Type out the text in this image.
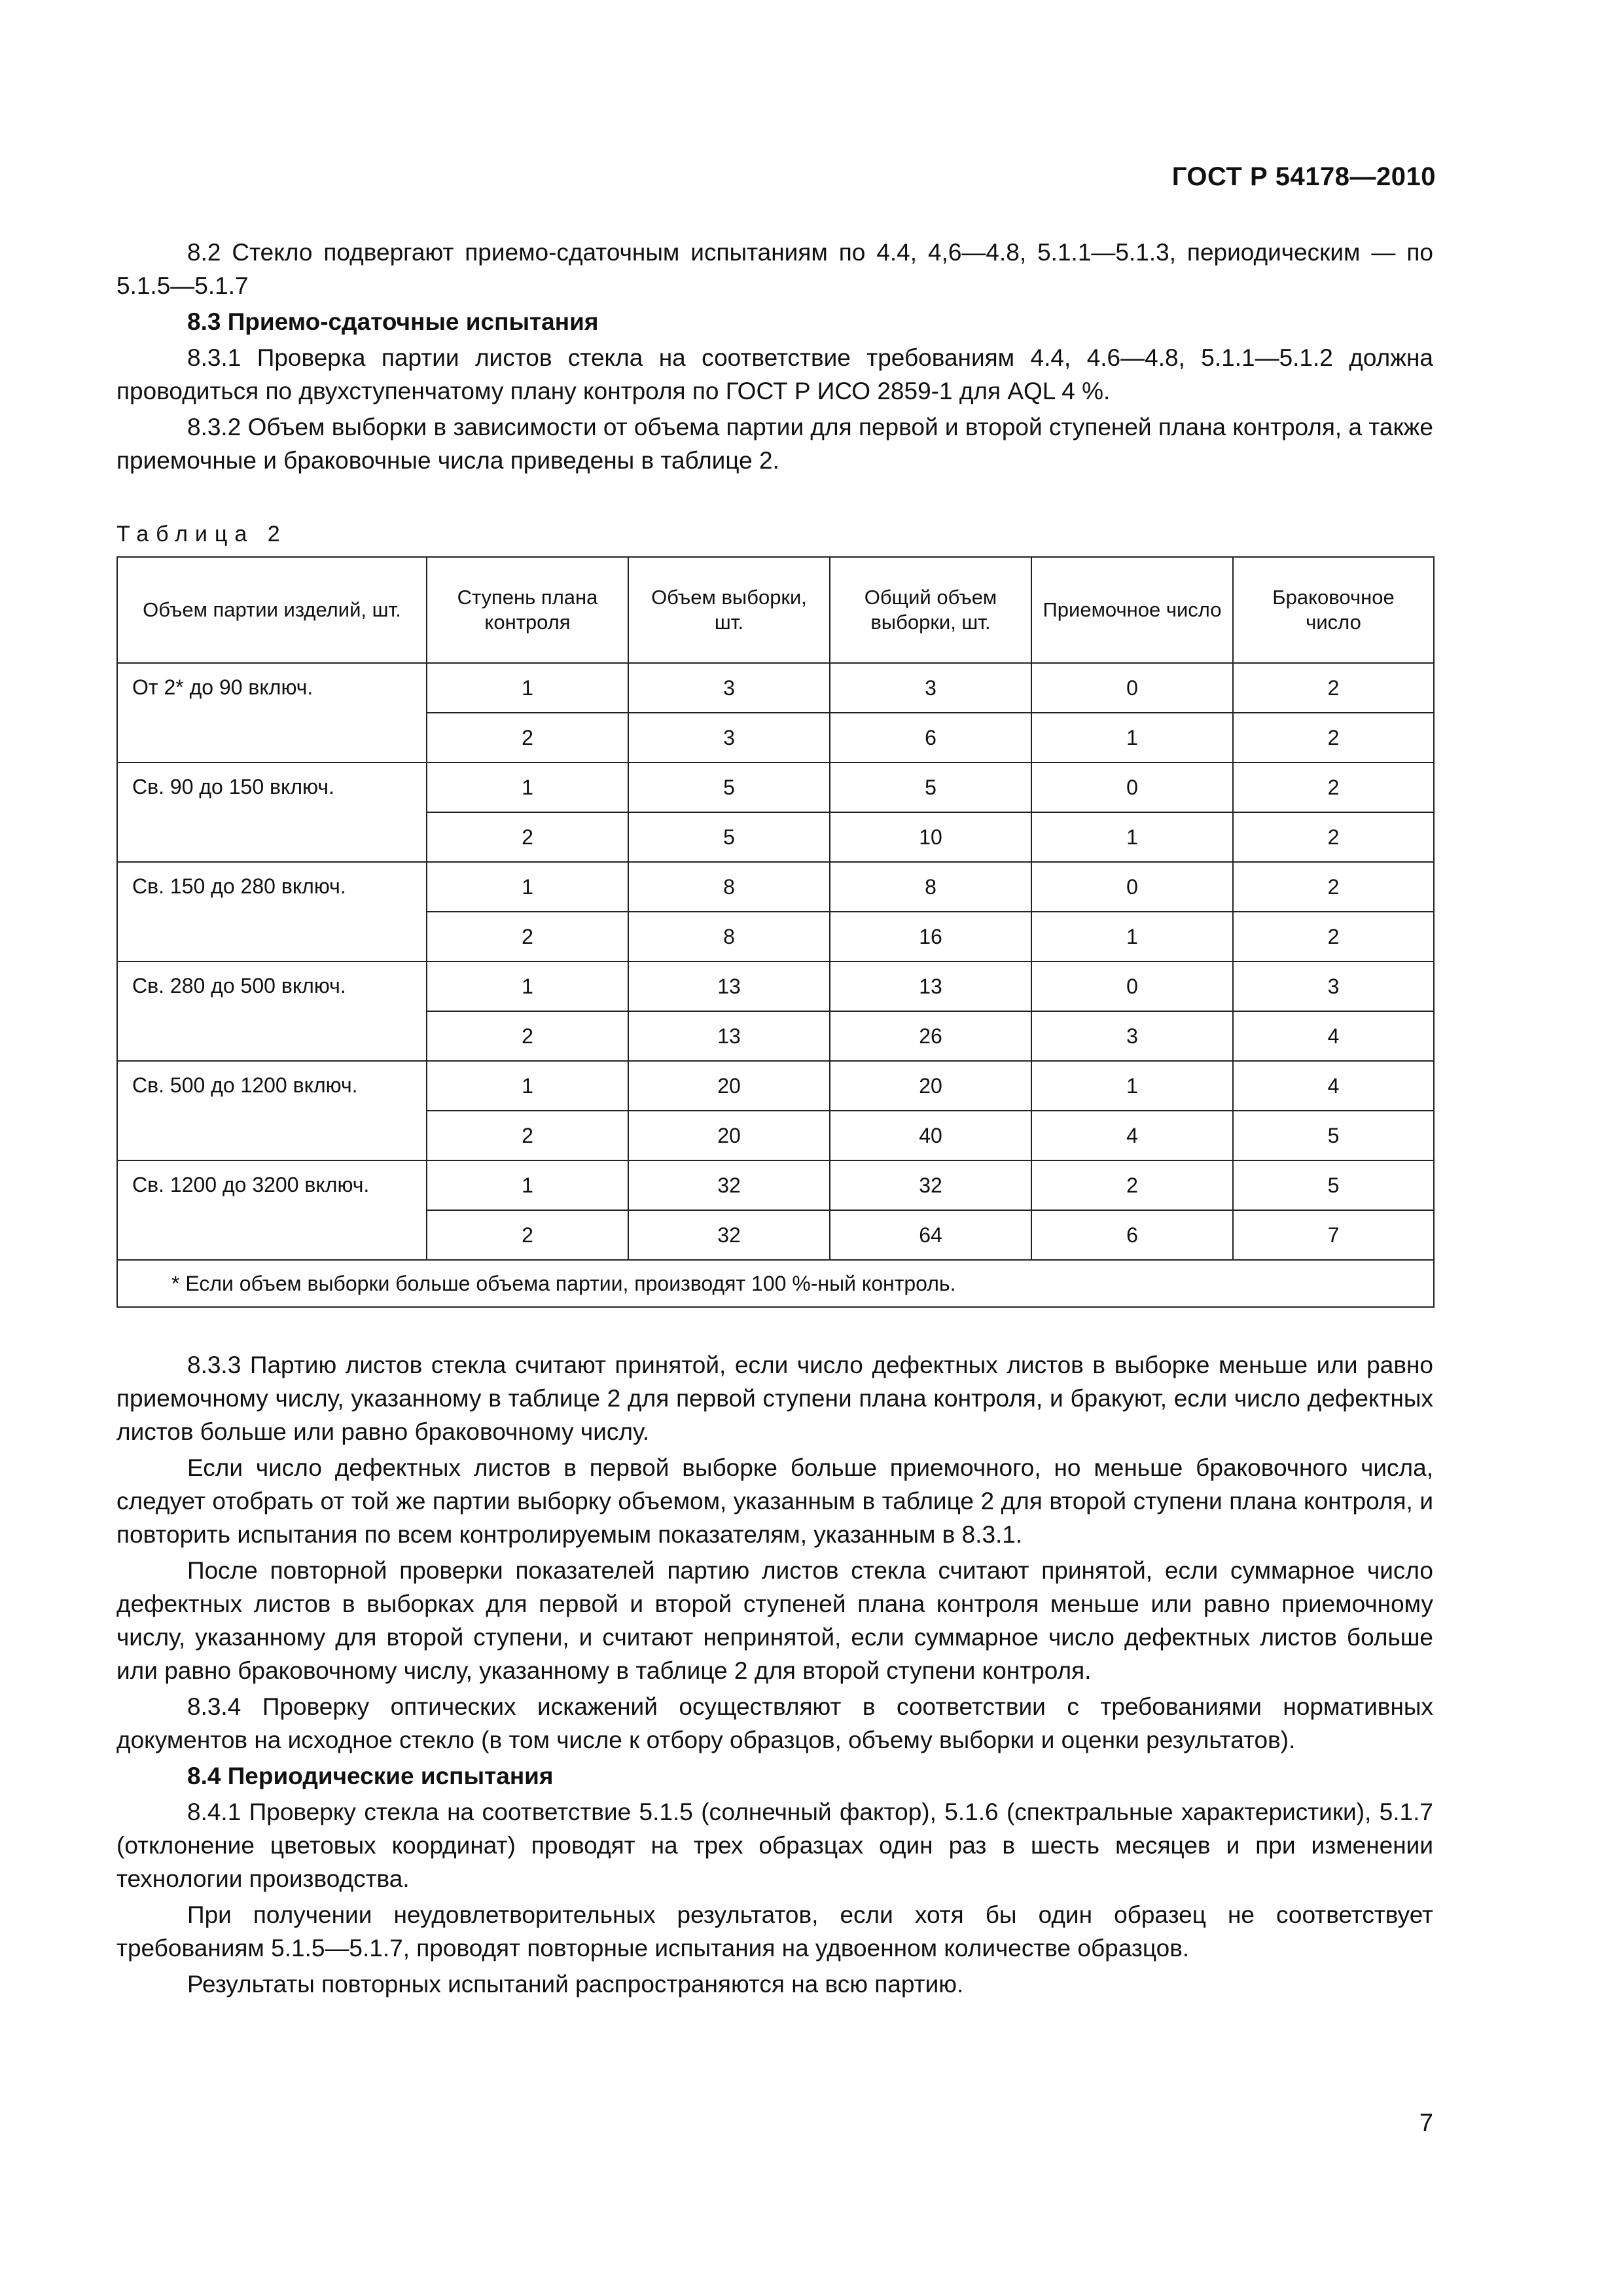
ГОСТ Р 54178—2010

8.2 Стекло подвергают приемо-сдаточным испытаниям по 4.4, 4,6—4.8, 5.1.1—5.1.3, периодическим — по 5.1.5—5.1.7

8.3 Приемо-сдаточные испытания

8.3.1 Проверка партии листов стекла на соответствие требованиям 4.4, 4.6—4.8, 5.1.1—5.1.2 должна проводиться по двухступенчатому плану контроля по ГОСТ Р ИСО 2859-1 для AQL 4 %.

8.3.2 Объем выборки в зависимости от объема партии для первой и второй ступеней плана контроля, а также приемочные и браковочные числа приведены в таблице 2.

Таблица 2
Объем партии изделий, шт.	Ступень плана контроля	Объем выборки, шт.	Общий объем выборки, шт.	Приемочное число	Браковочное число
От 2* до 90 включ.	1	3	3	0	2
	2	3	6	1	2
Св. 90 до 150 включ.	1	5	5	0	2
	2	5	10	1	2
Св. 150 до 280 включ.	1	8	8	0	2
	2	8	16	1	2
Св. 280 до 500 включ.	1	13	13	0	3
	2	13	26	3	4
Св. 500 до 1200 включ.	1	20	20	1	4
	2	20	40	4	5
Св. 1200 до 3200 включ.	1	32	32	2	5
	2	32	64	6	7
* Если объем выборки больше объема партии, производят 100 %-ный контроль.					

8.3.3 Партию листов стекла считают принятой, если число дефектных листов в выборке меньше или равно приемочному числу, указанному в таблице 2 для первой ступени плана контроля, и бракуют, если число дефектных листов больше или равно браковочному числу.

Если число дефектных листов в первой выборке больше приемочного, но меньше браковочного числа, следует отобрать от той же партии выборку объемом, указанным в таблице 2 для второй ступени плана контроля, и повторить испытания по всем контролируемым показателям, указанным в 8.3.1.

После повторной проверки показателей партию листов стекла считают принятой, если суммарное число дефектных листов в выборках для первой и второй ступеней плана контроля меньше или равно приемочному числу, указанному для второй ступени, и считают непринятой, если суммарное число дефектных листов больше или равно браковочному числу, указанному в таблице 2 для второй ступени контроля.

8.3.4 Проверку оптических искажений осуществляют в соответствии с требованиями нормативных документов на исходное стекло (в том числе к отбору образцов, объему выборки и оценки результатов).

8.4 Периодические испытания

8.4.1 Проверку стекла на соответствие 5.1.5 (солнечный фактор), 5.1.6 (спектральные характеристики), 5.1.7 (отклонение цветовых координат) проводят на трех образцах один раз в шесть месяцев и при изменении технологии производства.

При получении неудовлетворительных результатов, если хотя бы один образец не соответствует требованиям 5.1.5—5.1.7, проводят повторные испытания на удвоенном количестве образцов.

Результаты повторных испытаний распространяются на всю партию.

7
